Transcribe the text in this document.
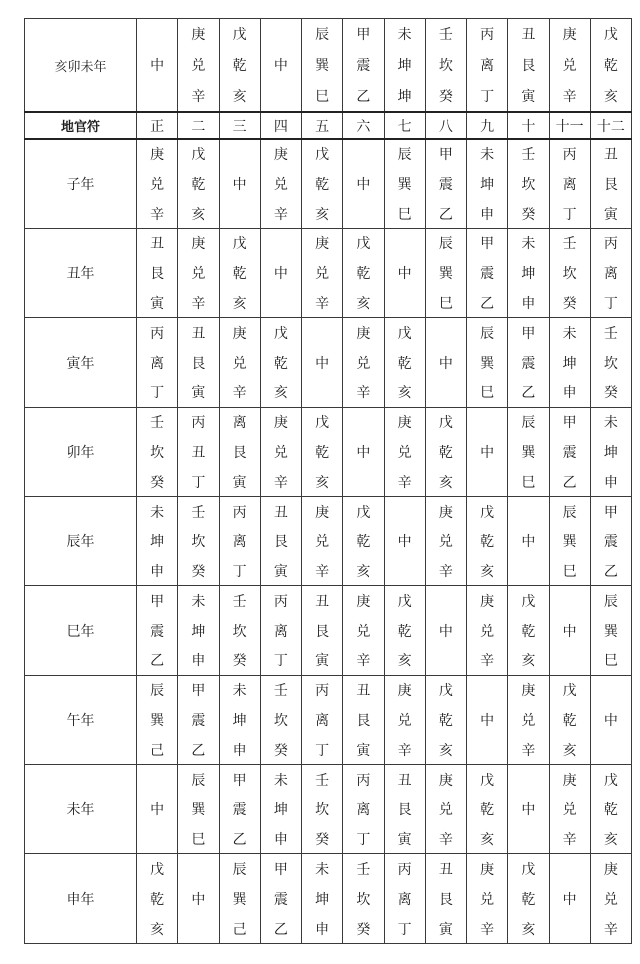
亥卯未年		庚	戊		辰	甲	未	壬	丙	丑	庚	戊
	中	兑	乾	中	巽	震	坤	坎	离	艮	兑	乾
		辛	亥		巳	乙	坤	癸	丁	寅	辛	亥
地官符	正	二	三	四	五	六	七	八	九	十	十一	十二
子年	庚	戊		庚	戊		辰	甲	未	壬	丙	丑
	兑	乾	中	兑	乾	中	巽	震	坤	坎	离	艮
	辛	亥		辛	亥		巳	乙	申	癸	丁	寅
丑年	丑	庚	戊		庚	戊		辰	甲	未	壬	丙
	艮	兑	乾	中	兑	乾	中	巽	震	坤	坎	离
	寅	辛	亥		辛	亥		巳	乙	申	癸	丁
寅年	丙	丑	庚	戊		庚	戊		辰	甲	未	壬
	离	艮	兑	乾	中	兑	乾	中	巽	震	坤	坎
	丁	寅	辛	亥		辛	亥		巳	乙	申	癸
卯年	壬	丙	离	庚	戊		庚	戊		辰	甲	未
	坎	丑	艮	兑	乾	中	兑	乾	中	巽	震	坤
	癸	丁	寅	辛	亥		辛	亥		巳	乙	申
辰年	未	壬	丙	丑	庚	戊		庚	戊		辰	甲
	坤	坎	离	艮	兑	乾	中	兑	乾	中	巽	震
	申	癸	丁	寅	辛	亥		辛	亥		巳	乙
巳年	甲	未	壬	丙	丑	庚	戊		庚	戊		辰
	震	坤	坎	离	艮	兑	乾	中	兑	乾	中	巽
	乙	申	癸	丁	寅	辛	亥		辛	亥		巳
午年	辰	甲	未	壬	丙	丑	庚	戊		庚	戊	
	巽	震	坤	坎	离	艮	兑	乾	中	兑	乾	中
	己	乙	申	癸	丁	寅	辛	亥		辛	亥	
未年		辰	甲	未	壬	丙	丑	庚	戊		庚	戊
	中	巽	震	坤	坎	离	艮	兑	乾	中	兑	乾
		巳	乙	申	癸	丁	寅	辛	亥		辛	亥
申年	戊		辰	甲	未	壬	丙	丑	庚	戊		庚
	乾	中	巽	震	坤	坎	离	艮	兑	乾	中	兑
	亥		己	乙	申	癸	丁	寅	辛	亥		辛
